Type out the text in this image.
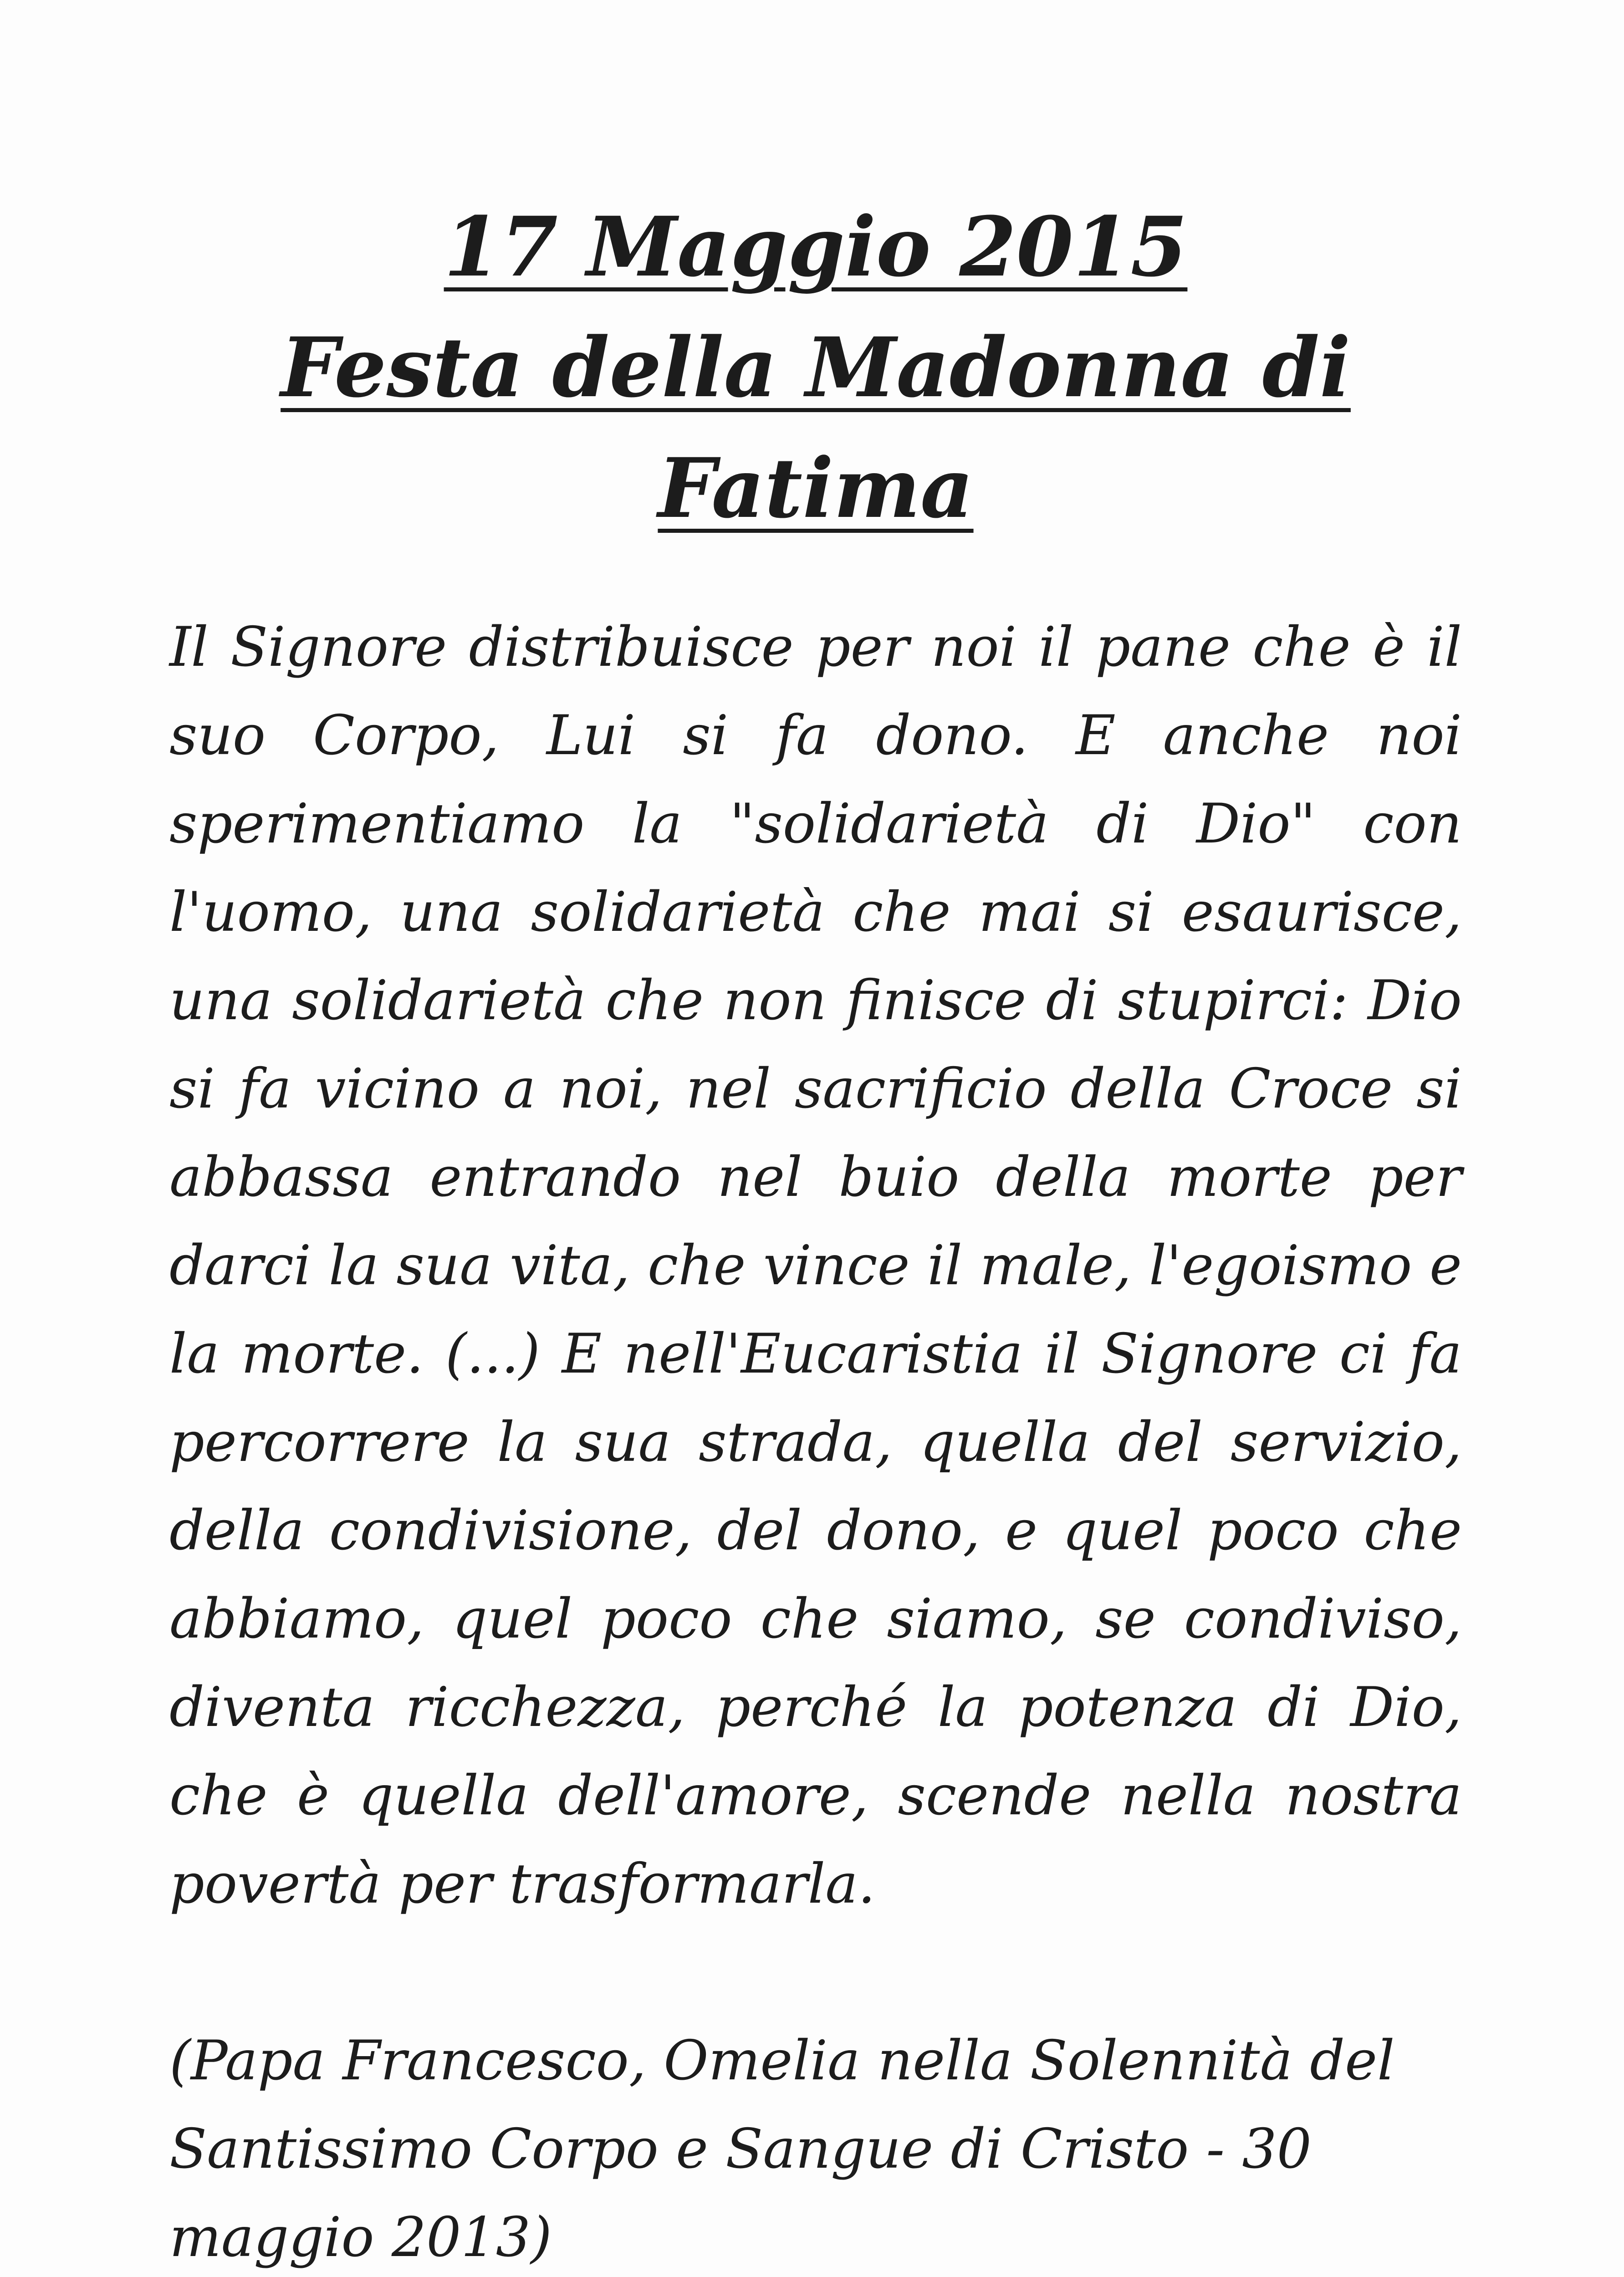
17 Maggio 2015
Festa della Madonna di Fatima

Il Signore distribuisce per noi il pane che è il suo Corpo, Lui si fa dono. E anche noi sperimentiamo la "solidarietà di Dio" con l'uomo, una solidarietà che mai si esaurisce, una solidarietà che non finisce di stupirci: Dio si fa vicino a noi, nel sacrificio della Croce si abbassa entrando nel buio della morte per darci la sua vita, che vince il male, l'egoismo e la morte. (...) E nell'Eucaristia il Signore ci fa percorrere la sua strada, quella del servizio, della condivisione, del dono, e quel poco che abbiamo, quel poco che siamo, se condiviso, diventa ricchezza, perché la potenza di Dio, che è quella dell'amore, scende nella nostra povertà per trasformarla.

(Papa Francesco, Omelia nella Solennità del Santissimo Corpo e Sangue di Cristo - 30 maggio 2013)
